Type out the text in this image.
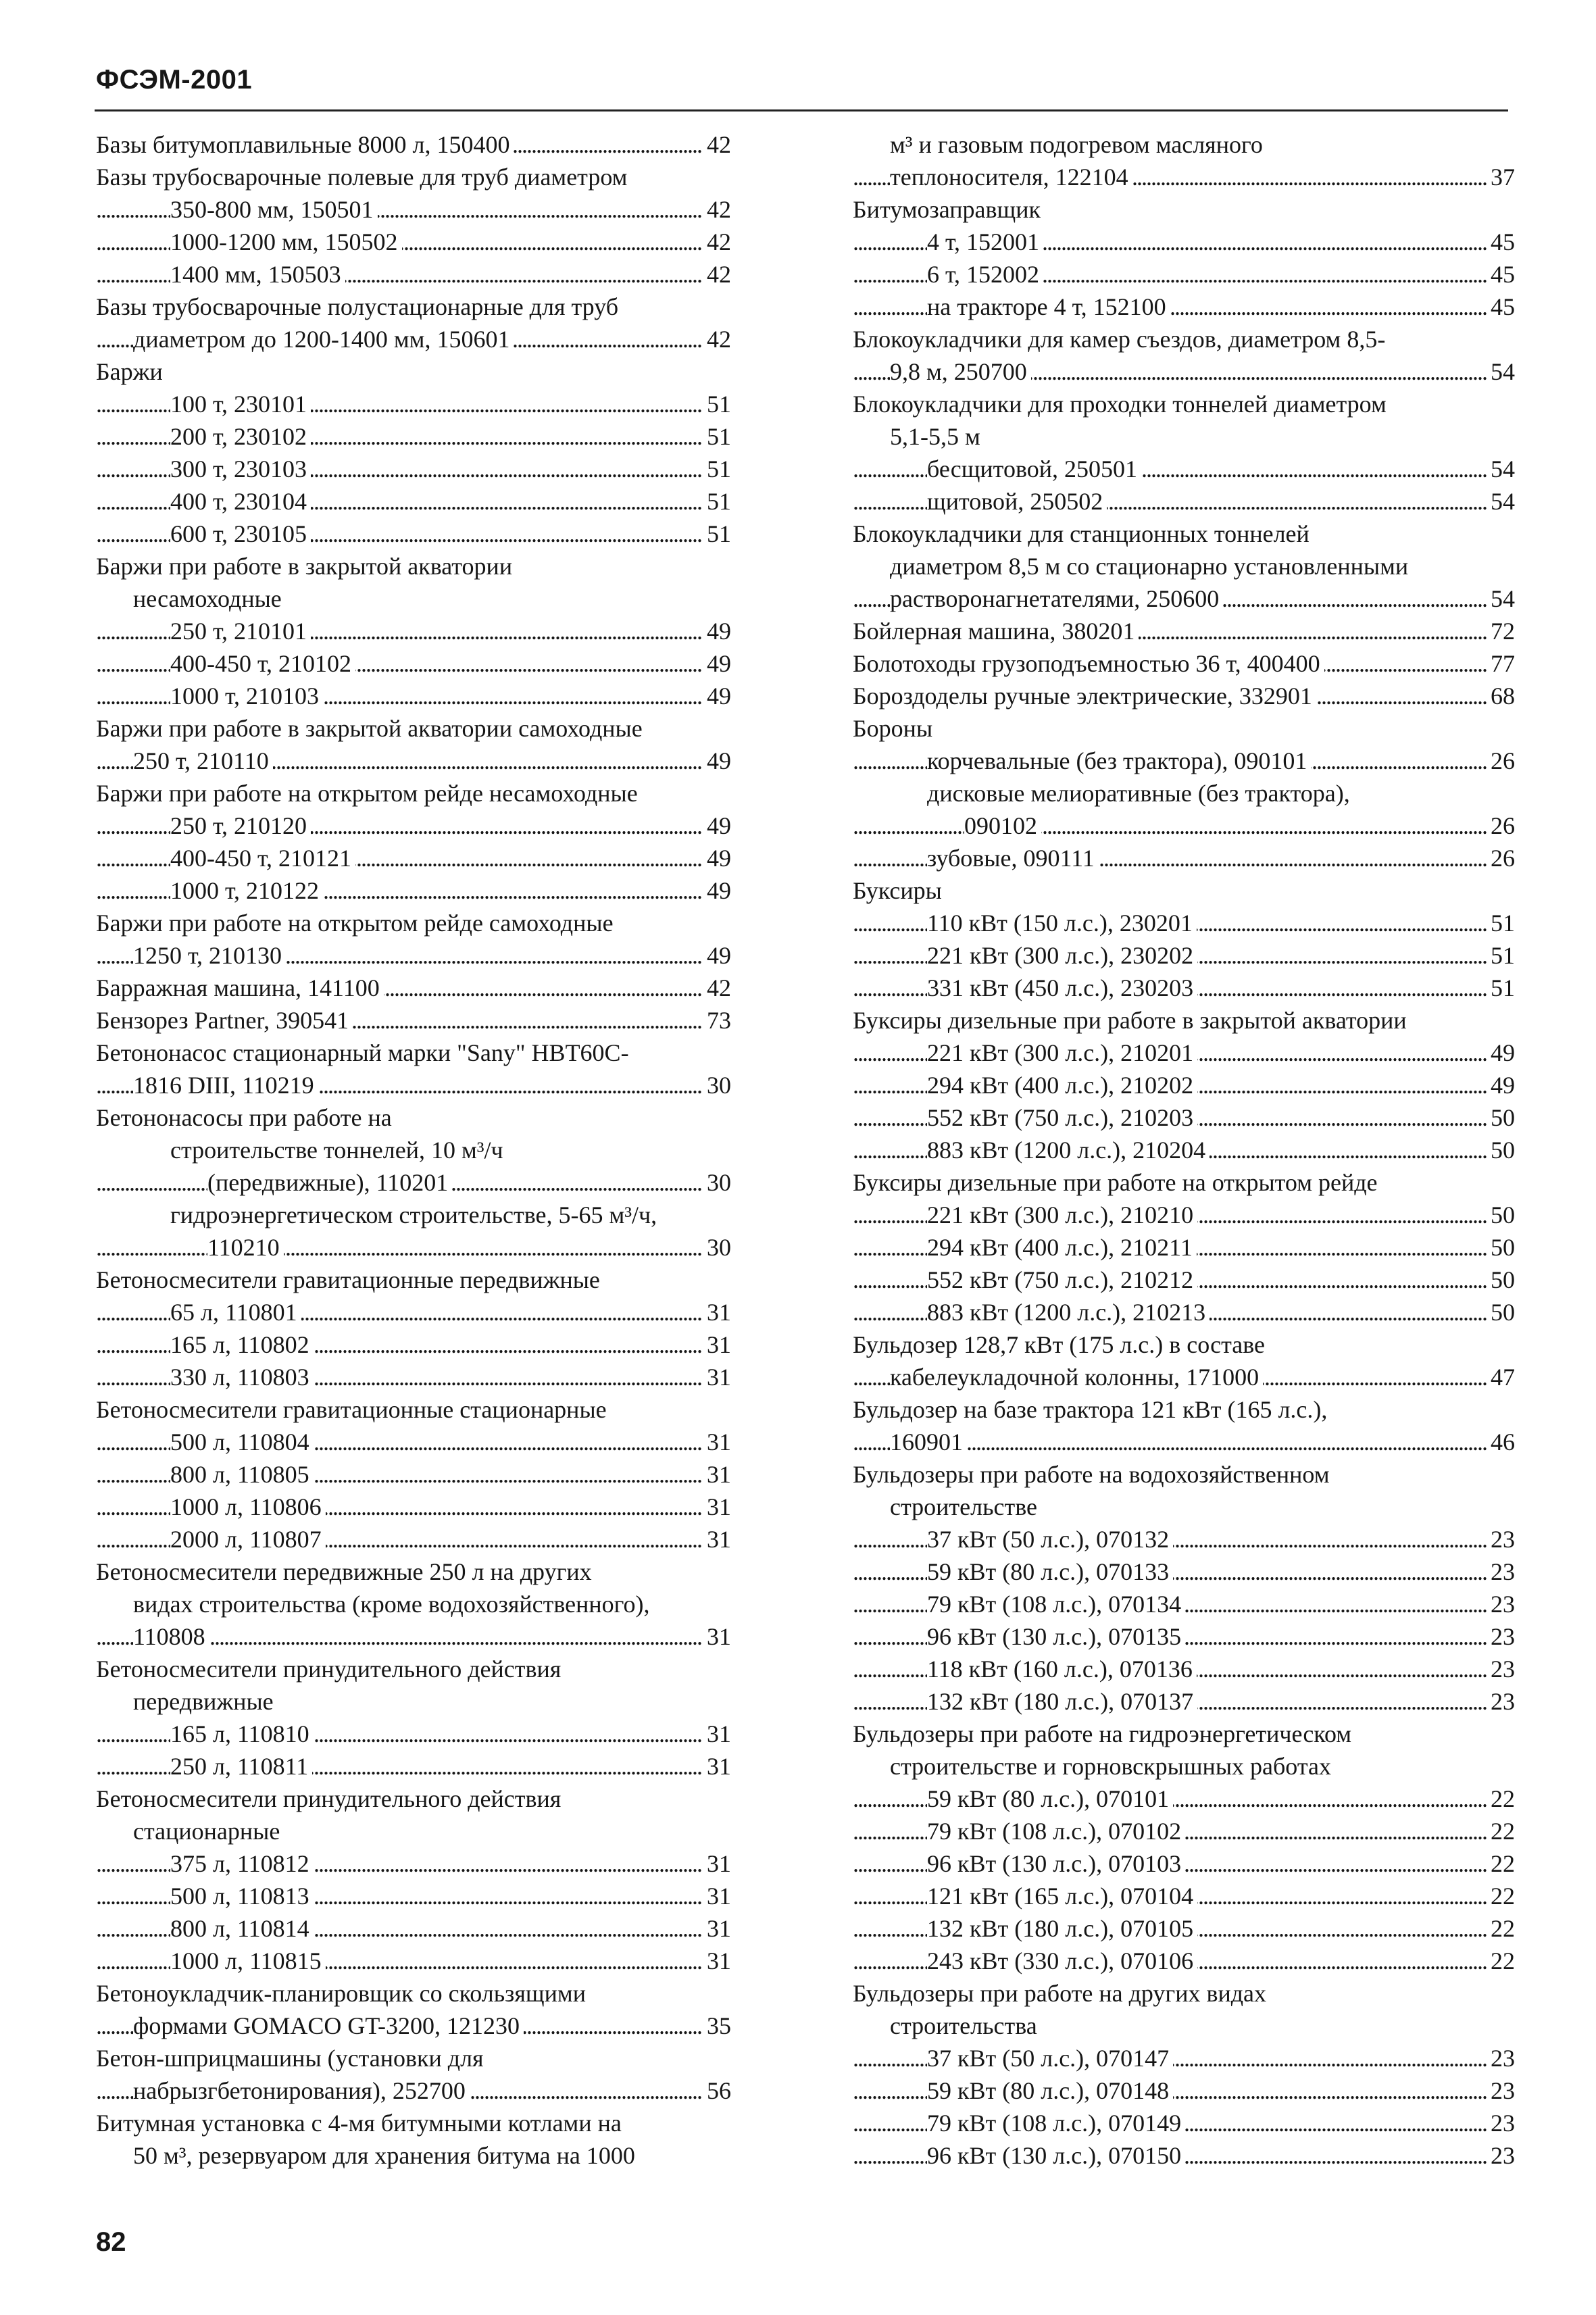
ФСЭМ-2001
Базы битумоплавильные 8000 л, 150400	42
. . .
Базы трубосварочные полевые для труб диаметром
350-800 мм, 150501	42
. . .
1000-1200 мм, 150502	42
. . .
1400 мм, 150503	42
. . .
Базы трубосварочные полустационарные для труб
диаметром до 1200-1400 мм, 150601	42
. . .
Баржи
100 т, 230101	51
. . .
200 т, 230102	51
. . .
300 т, 230103	51
. . .
400 т, 230104	51
. . .
600 т, 230105	51
. . .
Баржи при работе в закрытой акватории
несамоходные
250 т, 210101	49
. . .
400-450 т, 210102	49
. . .
1000 т, 210103	49
. . .
Баржи при работе в закрытой акватории самоходные
250 т, 210110	49
. . .
Баржи при работе на открытом рейде несамоходные
250 т, 210120	49
. . .
400-450 т, 210121	49
. . .
1000 т, 210122	49
. . .
Баржи при работе на открытом рейде самоходные
1250 т, 210130	49
. . .
Барражная машина, 141100	42
. . .
Бензорез Partner, 390541	73
. . .
Бетононасос стационарный марки "Sany" HBT60C-
1816 DIII, 110219	30
. . .
Бетононасосы при работе на
строительстве тоннелей, 10 м³/ч
(передвижные), 110201	30
. . .
гидроэнергетическом строительстве, 5-65 м³/ч,
110210	30
. . .
Бетоносмесители гравитационные передвижные
65 л, 110801	31
. . .
165 л, 110802	31
. . .
330 л, 110803	31
. . .
Бетоносмесители гравитационные стационарные
500 л, 110804	31
. . .
800 л, 110805	31
. . .
1000 л, 110806	31
. . .
2000 л, 110807	31
. . .
Бетоносмесители передвижные 250 л на других
видах строительства (кроме водохозяйственного),
110808	31
. . .
Бетоносмесители принудительного действия
передвижные
165 л, 110810	31
. . .
250 л, 110811	31
. . .
Бетоносмесители принудительного действия
стационарные
375 л, 110812	31
. . .
500 л, 110813	31
. . .
800 л, 110814	31
. . .
1000 л, 110815	31
. . .
Бетоноукладчик-планировщик со скользящими
формами GOMACO GT-3200, 121230	35
. . .
Бетон-шприцмашины (установки для
набрызгбетонирования), 252700	56
. . .
Битумная установка с 4-мя битумными котлами на
50 м³, резервуаром для хранения битума на 1000
м³ и газовым подогревом масляного
теплоносителя, 122104	37
. . .
Битумозаправщик
4 т, 152001	45
. . .
6 т, 152002	45
. . .
на тракторе 4 т, 152100	45
. . .
Блокоукладчики для камер съездов, диаметром 8,5-
9,8 м, 250700	54
. . .
Блокоукладчики для проходки тоннелей диаметром
5,1-5,5 м
бесщитовой, 250501	54
. . .
щитовой, 250502	54
. . .
Блокоукладчики для станционных тоннелей
диаметром 8,5 м со стационарно установленными
растворонагнетателями, 250600	54
. . .
Бойлерная машина, 380201	72
. . .
Болотоходы грузоподъемностью 36 т, 400400	77
. . .
Бороздоделы ручные электрические, 332901	68
. . .
Бороны
корчевальные (без трактора), 090101	26
. . .
дисковые мелиоративные (без трактора),
090102	26
. . .
зубовые, 090111	26
. . .
Буксиры
110 кВт (150 л.с.), 230201	51
. . .
221 кВт (300 л.с.), 230202	51
. . .
331 кВт (450 л.с.), 230203	51
. . .
Буксиры дизельные при работе в закрытой акватории
221 кВт (300 л.с.), 210201	49
. . .
294 кВт (400 л.с.), 210202	49
. . .
552 кВт (750 л.с.), 210203	50
. . .
883 кВт (1200 л.с.), 210204	50
. . .
Буксиры дизельные при работе на открытом рейде
221 кВт (300 л.с.), 210210	50
. . .
294 кВт (400 л.с.), 210211	50
. . .
552 кВт (750 л.с.), 210212	50
. . .
883 кВт (1200 л.с.), 210213	50
. . .
Бульдозер 128,7 кВт (175 л.с.) в составе
кабелеукладочной колонны, 171000	47
. . .
Бульдозер на базе трактора 121 кВт (165 л.с.),
160901	46
. . .
Бульдозеры при работе на водохозяйственном
строительстве
37 кВт (50 л.с.), 070132	23
. . .
59 кВт (80 л.с.), 070133	23
. . .
79 кВт (108 л.с.), 070134	23
. . .
96 кВт (130 л.с.), 070135	23
. . .
118 кВт (160 л.с.), 070136	23
. . .
132 кВт (180 л.с.), 070137	23
. . .
Бульдозеры при работе на гидроэнергетическом
строительстве и горновскрышных работах
59 кВт (80 л.с.), 070101	22
. . .
79 кВт (108 л.с.), 070102	22
. . .
96 кВт (130 л.с.), 070103	22
. . .
121 кВт (165 л.с.), 070104	22
. . .
132 кВт (180 л.с.), 070105	22
. . .
243 кВт (330 л.с.), 070106	22
. . .
Бульдозеры при работе на других видах
строительства
37 кВт (50 л.с.), 070147	23
. . .
59 кВт (80 л.с.), 070148	23
. . .
79 кВт (108 л.с.), 070149	23
. . .
96 кВт (130 л.с.), 070150	23
. . .
82
